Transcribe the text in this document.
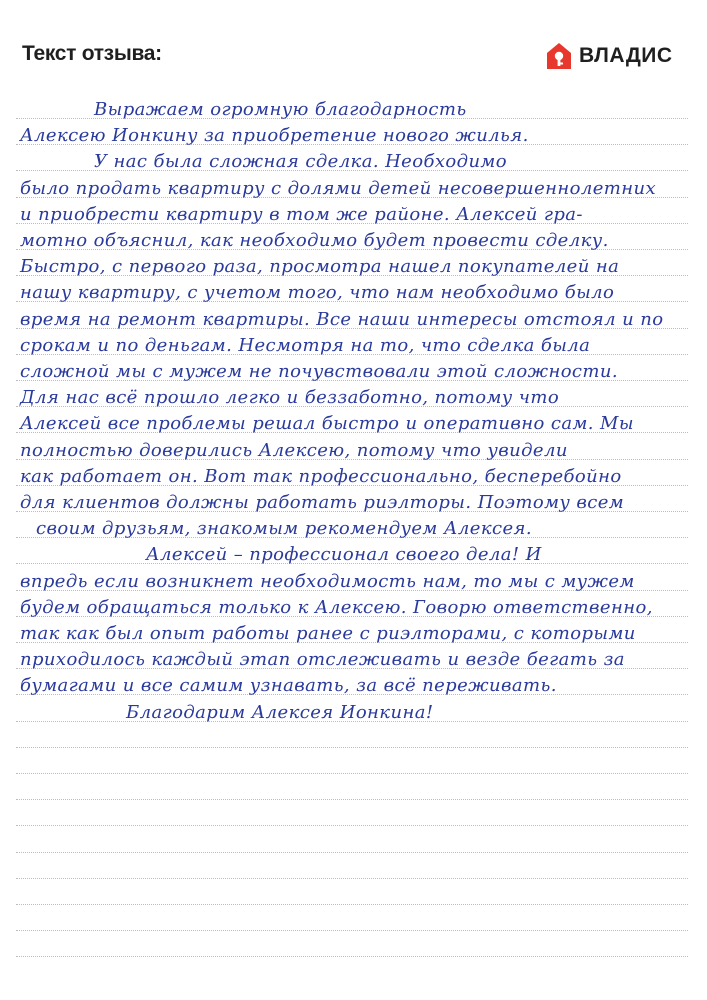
Текст отзыва:	ВЛАДИС
Выражаем огромную благодарность
Алексею Ионкину за приобретение нового жилья.
У нас была сложная сделка. Необходимо
было продать квартиру с долями детей несовершеннолетних
и приобрести квартиру в том же районе. Алексей гра-
мотно объяснил, как необходимо будет провести сделку.
Быстро, с первого раза, просмотра нашел покупателей на
нашу квартиру, с учетом того, что нам необходимо было
время на ремонт квартиры. Все наши интересы отстоял и по
срокам и по деньгам. Несмотря на то, что сделка была
сложной мы с мужем не почувствовали этой сложности.
Для нас всё прошло легко и беззаботно, потому что
Алексей все проблемы решал быстро и оперативно сам. Мы
полностью доверились Алексею, потому что увидели
как работает он. Вот так профессионально, бесперебойно
для клиентов должны работать риэлторы. Поэтому всем
своим друзьям, знакомым рекомендуем Алексея.
Алексей – профессионал своего дела! И
впредь если возникнет необходимость нам, то мы с мужем
будем обращаться только к Алексею. Говорю ответственно,
так как был опыт работы ранее с риэлторами, с которыми
приходилось каждый этап отслеживать и везде бегать за
бумагами и все самим узнавать, за всё переживать.
Благодарим Алексея Ионкина!
